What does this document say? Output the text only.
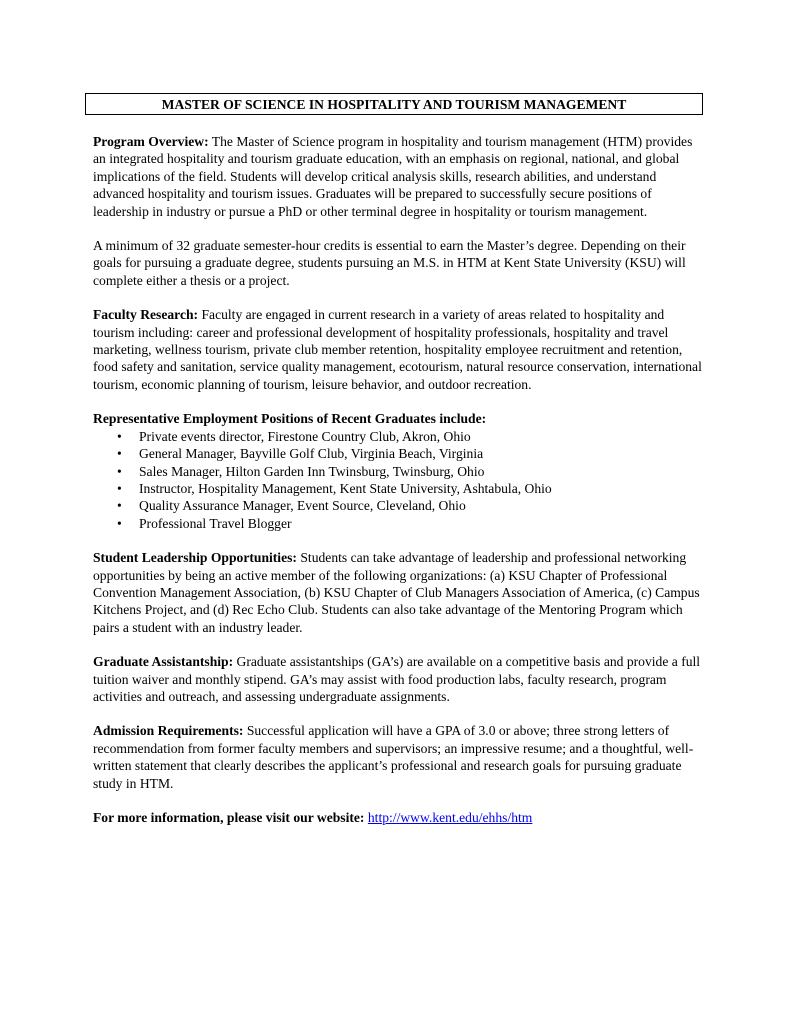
MASTER OF SCIENCE IN HOSPITALITY AND TOURISM MANAGEMENT

Program Overview: The Master of Science program in hospitality and tourism management (HTM) provides an integrated hospitality and tourism graduate education, with an emphasis on regional, national, and global implications of the field. Students will develop critical analysis skills, research abilities, and understand advanced hospitality and tourism issues. Graduates will be prepared to successfully secure positions of leadership in industry or pursue a PhD or other terminal degree in hospitality or tourism management.

A minimum of 32 graduate semester-hour credits is essential to earn the Master’s degree. Depending on their goals for pursuing a graduate degree, students pursuing an M.S. in HTM at Kent State University (KSU) will complete either a thesis or a project.

Faculty Research: Faculty are engaged in current research in a variety of areas related to hospitality and tourism including: career and professional development of hospitality professionals, hospitality and travel marketing, wellness tourism, private club member retention, hospitality employee recruitment and retention, food safety and sanitation, service quality management, ecotourism, natural resource conservation, international tourism, economic planning of tourism, leisure behavior, and outdoor recreation.

Representative Employment Positions of Recent Graduates include:

• Private events director, Firestone Country Club, Akron, Ohio
• General Manager, Bayville Golf Club, Virginia Beach, Virginia
• Sales Manager, Hilton Garden Inn Twinsburg, Twinsburg, Ohio
• Instructor, Hospitality Management, Kent State University, Ashtabula, Ohio
• Quality Assurance Manager, Event Source, Cleveland, Ohio
• Professional Travel Blogger

Student Leadership Opportunities: Students can take advantage of leadership and professional networking opportunities by being an active member of the following organizations: (a) KSU Chapter of Professional Convention Management Association, (b) KSU Chapter of Club Managers Association of America, (c) Campus Kitchens Project, and (d) Rec Echo Club. Students can also take advantage of the Mentoring Program which pairs a student with an industry leader.

Graduate Assistantship: Graduate assistantships (GA’s) are available on a competitive basis and provide a full tuition waiver and monthly stipend. GA’s may assist with food production labs, faculty research, program activities and outreach, and assessing undergraduate assignments.

Admission Requirements: Successful application will have a GPA of 3.0 or above; three strong letters of recommendation from former faculty members and supervisors; an impressive resume; and a thoughtful, well-written statement that clearly describes the applicant’s professional and research goals for pursuing graduate study in HTM.

For more information, please visit our website: http://www.kent.edu/ehhs/htm
